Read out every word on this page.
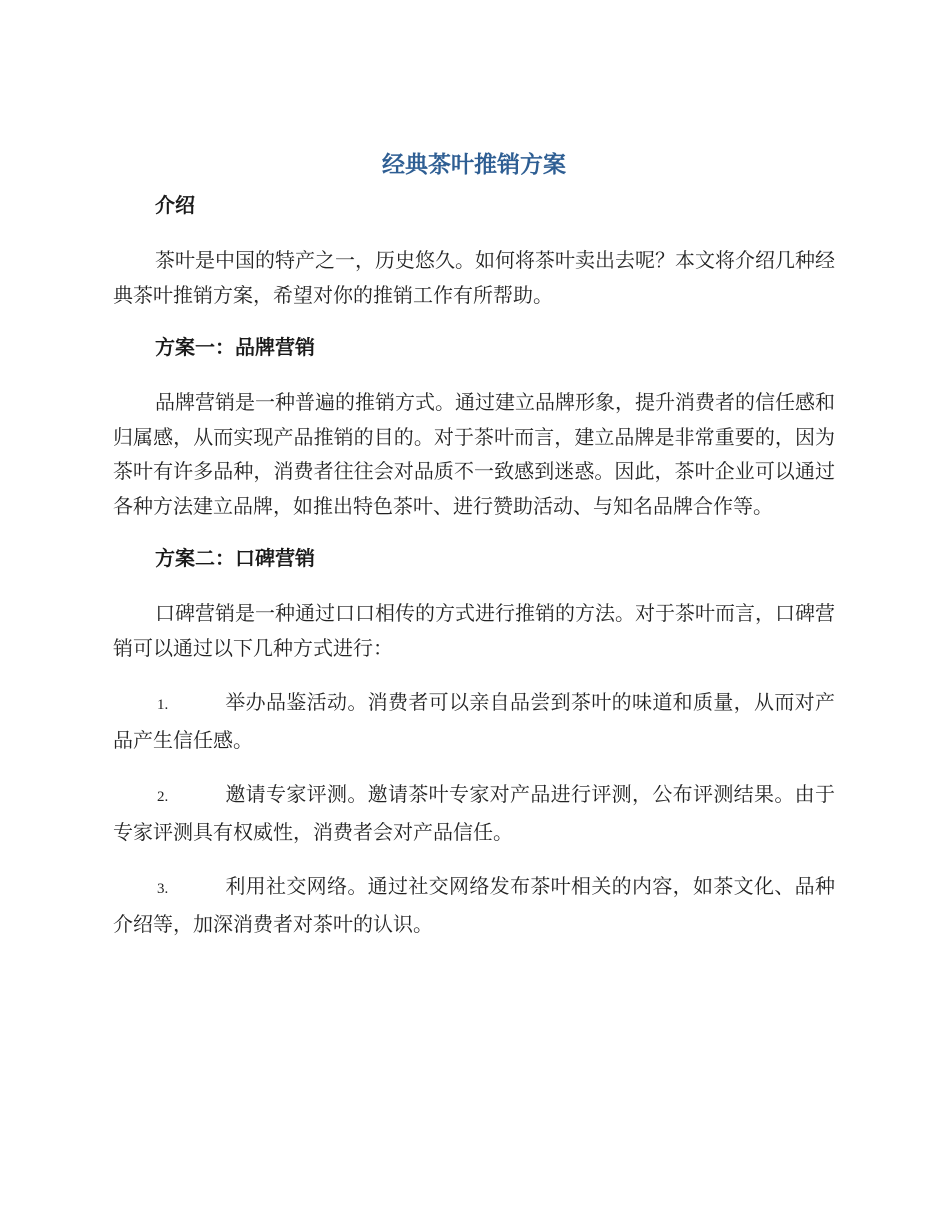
经典茶叶推销方案
介绍

茶叶是中国的特产之一，历史悠久。如何将茶叶卖出去呢？本文将介绍几种经典茶叶推销方案，希望对你的推销工作有所帮助。

方案一：品牌营销

品牌营销是一种普遍的推销方式。通过建立品牌形象，提升消费者的信任感和归属感，从而实现产品推销的目的。对于茶叶而言，建立品牌是非常重要的，因为茶叶有许多品种，消费者往往会对品质不一致感到迷惑。因此，茶叶企业可以通过各种方法建立品牌，如推出特色茶叶、进行赞助活动、与知名品牌合作等。

方案二：口碑营销

口碑营销是一种通过口口相传的方式进行推销的方法。对于茶叶而言，口碑营销可以通过以下几种方式进行：

1.	举办品鉴活动。消费者可以亲自品尝到茶叶的味道和质量，从而对产品产生信任感。

2.	邀请专家评测。邀请茶叶专家对产品进行评测，公布评测结果。由于专家评测具有权威性，消费者会对产品信任。

3.	利用社交网络。通过社交网络发布茶叶相关的内容，如茶文化、品种介绍等，加深消费者对茶叶的认识。
